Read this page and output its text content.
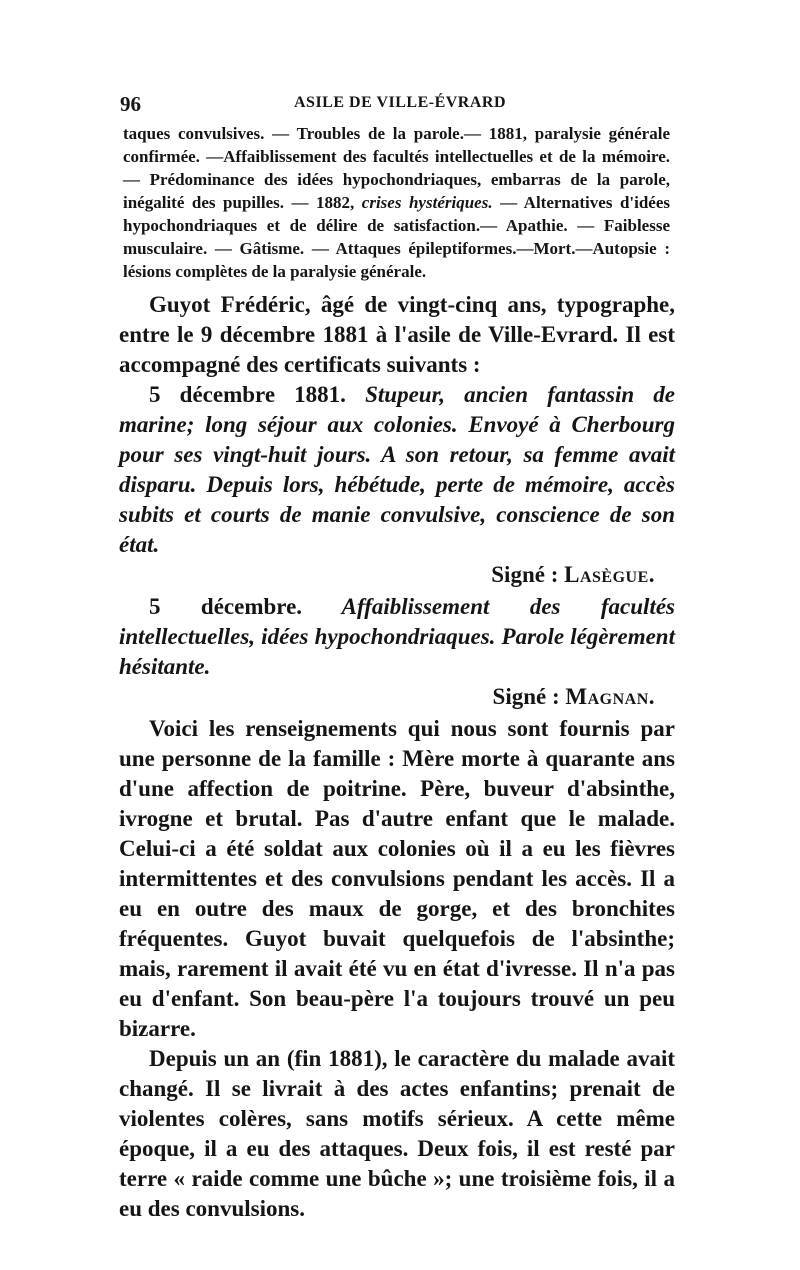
96	ASILE DE VILLE-ÉVRARD
taques convulsives. — Troubles de la parole.— 1881, paralysie générale confirmée. —Affaiblissement des facultés intellectuelles et de la mémoire.— Prédominance des idées hypochondriaques, embarras de la parole, inégalité des pupilles. — 1882, crises hystériques. — Alternatives d'idées hypochondriaques et de délire de satisfaction.— Apathie. — Faiblesse musculaire. — Gâtisme. — Attaques épileptiformes.—Mort.—Autopsie : lésions complètes de la paralysie générale.

Guyot Frédéric, âgé de vingt-cinq ans, typographe, entre le 9 décembre 1881 à l'asile de Ville-Evrard. Il est accompagné des certificats suivants :

5 décembre 1881. Stupeur, ancien fantassin de marine; long séjour aux colonies. Envoyé à Cherbourg pour ses vingt-huit jours. A son retour, sa femme avait disparu. Depuis lors, hébétude, perte de mémoire, accès subits et courts de manie convulsive, conscience de son état.

Signé : Lasègue.

5 décembre. Affaiblissement des facultés intellectuelles, idées hypochondriaques. Parole légèrement hésitante.

Signé : Magnan.

Voici les renseignements qui nous sont fournis par une personne de la famille : Mère morte à quarante ans d'une affection de poitrine. Père, buveur d'absinthe, ivrogne et brutal. Pas d'autre enfant que le malade. Celui-ci a été soldat aux colonies où il a eu les fièvres intermittentes et des convulsions pendant les accès. Il a eu en outre des maux de gorge, et des bronchites fréquentes. Guyot buvait quelquefois de l'absinthe; mais, rarement il avait été vu en état d'ivresse. Il n'a pas eu d'enfant. Son beau-père l'a toujours trouvé un peu bizarre.

Depuis un an (fin 1881), le caractère du malade avait changé. Il se livrait à des actes enfantins; prenait de violentes colères, sans motifs sérieux. A cette même époque, il a eu des attaques. Deux fois, il est resté par terre « raide comme une bûche »; une troisième fois, il a eu des convulsions.
